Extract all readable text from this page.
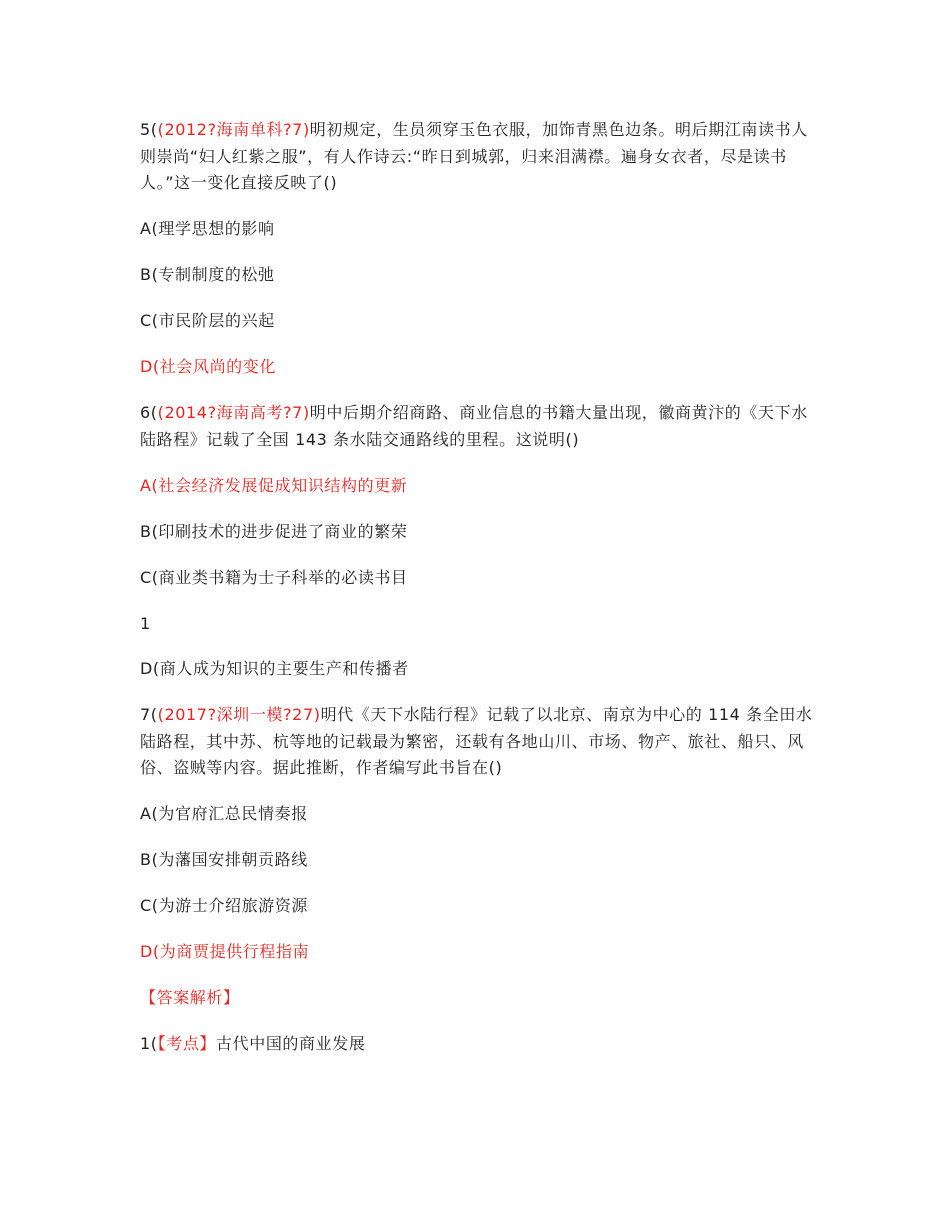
5((2012?海南单科?7)明初规定，生员须穿玉色衣服，加饰青黑色边条。明后期江南读书人则崇尚“妇人红紫之服”，有人作诗云:“昨日到城郭，归来泪满襟。遍身女衣者，尽是读书人。”这一变化直接反映了()

A(理学思想的影响

B(专制制度的松弛

C(市民阶层的兴起

D(社会风尚的变化

6((2014?海南高考?7)明中后期介绍商路、商业信息的书籍大量出现，徽商黄汴的《天下水陆路程》记载了全国 143 条水陆交通路线的里程。这说明()

A(社会经济发展促成知识结构的更新

B(印刷技术的进步促进了商业的繁荣

C(商业类书籍为士子科举的必读书目

1

D(商人成为知识的主要生产和传播者

7((2017?深圳一模?27)明代《天下水陆行程》记载了以北京、南京为中心的 114 条全田水陆路程，其中苏、杭等地的记载最为繁密，还载有各地山川、市场、物产、旅社、船只、风俗、盗贼等内容。据此推断，作者编写此书旨在()

A(为官府汇总民情奏报

B(为藩国安排朝贡路线

C(为游士介绍旅游资源

D(为商贾提供行程指南

【答案解析】

1(【考点】古代中国的商业发展
